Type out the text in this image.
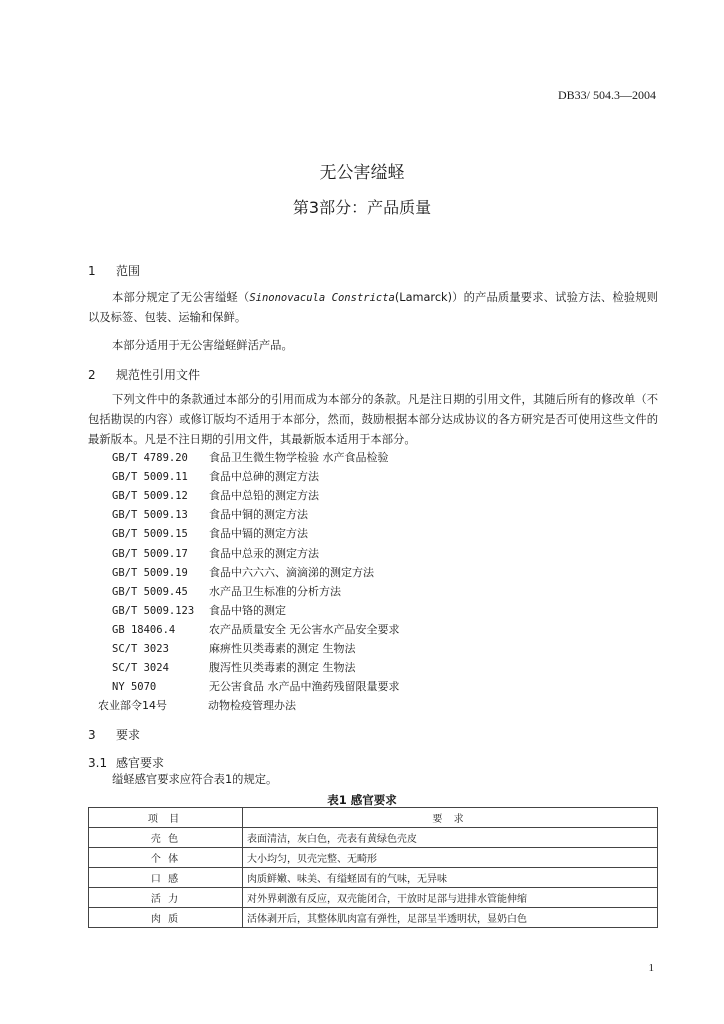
DB33/ 504.3—2004
无公害缢蛏
第3部分：产品质量
1 范围
本部分规定了无公害缢蛏（Sinonovacula Constricta(Lamarck)）的产品质量要求、试验方法、检验规则以及标签、包装、运输和保鲜。
本部分适用于无公害缢蛏鲜活产品。
2 规范性引用文件
下列文件中的条款通过本部分的引用而成为本部分的条款。凡是注日期的引用文件，其随后所有的修改单（不包括勘误的内容）或修订版均不适用于本部分，然而，鼓励根据本部分达成协议的各方研究是否可使用这些文件的最新版本。凡是不注日期的引用文件，其最新版本适用于本部分。
GB/T 4789.20 食品卫生微生物学检验 水产食品检验
GB/T 5009.11 食品中总砷的测定方法
GB/T 5009.12 食品中总铅的测定方法
GB/T 5009.13 食品中铜的测定方法
GB/T 5009.15 食品中镉的测定方法
GB/T 5009.17 食品中总汞的测定方法
GB/T 5009.19 食品中六六六、滴滴涕的测定方法
GB/T 5009.45 水产品卫生标准的分析方法
GB/T 5009.123 食品中铬的测定
GB 18406.4	农产品质量安全 无公害水产品安全要求
SC/T 3023	麻痹性贝类毒素的测定 生物法
SC/T 3024	腹泻性贝类毒素的测定 生物法
NY 5070	无公害食品 水产品中渔药残留限量要求
农业部令14号	动物检疫管理办法
3 要求
3.1 感官要求
缢蛏感官要求应符合表1的规定。
表1 感官要求
项 目	要 求
壳 色	表面清洁，灰白色，壳表有黄绿色壳皮
个 体	大小均匀，贝壳完整、无畸形
口 感	肉质鲜嫩、味美、有缢蛏固有的气味，无异味
活 力	对外界刺激有反应，双壳能闭合，干放时足部与进排水管能伸缩
肉 质	活体剥开后，其整体肌肉富有弹性，足部呈半透明状，显奶白色
1
